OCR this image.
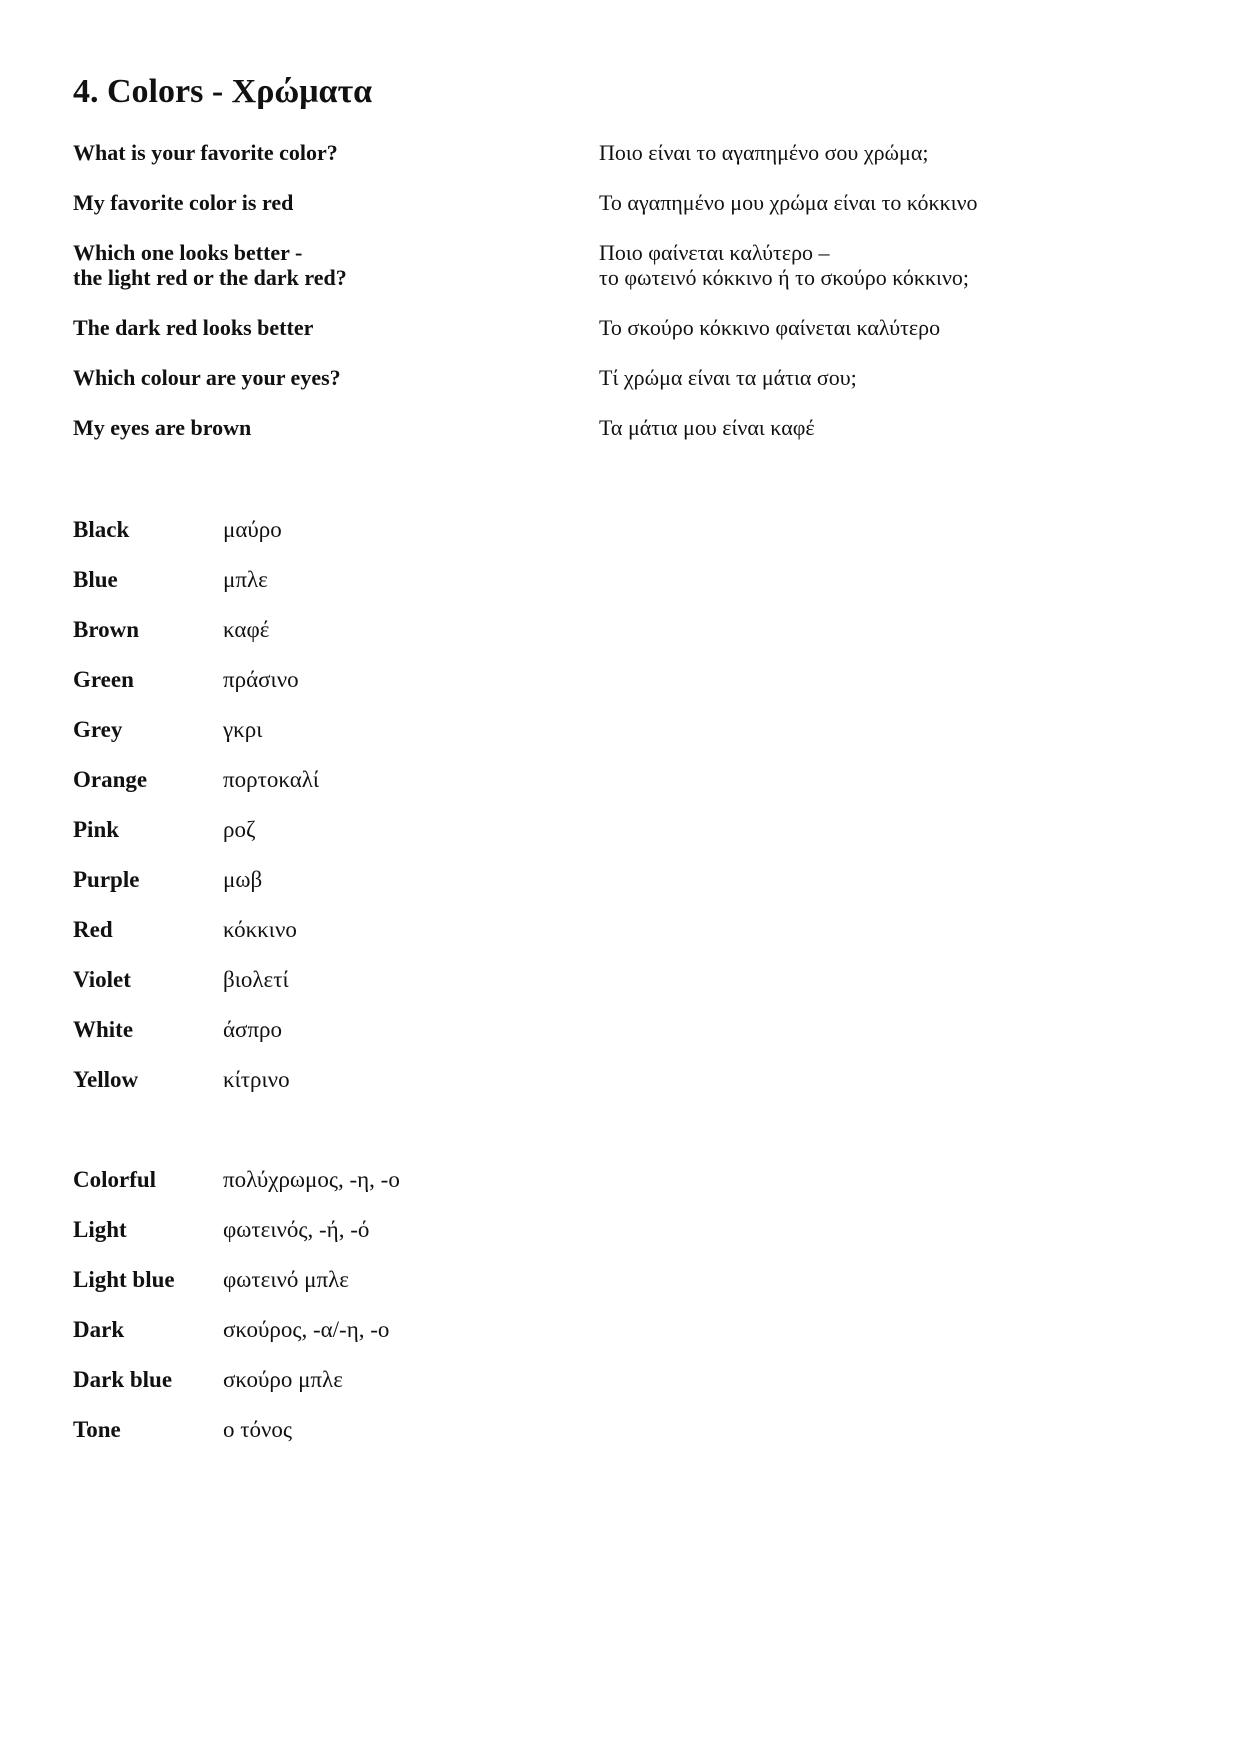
4. Colors - Χρώματα
What is your favorite color?	Ποιο είναι το αγαπημένο σου χρώμα;
My favorite color is red	Το αγαπημένο μου χρώμα είναι το κόκκινο
Which one looks better -
the light red or the dark red?
Ποιο φαίνεται καλύτερο –
το φωτεινό κόκκινο ή το σκούρο κόκκινο;
The dark red looks better	Το σκούρο κόκκινο φαίνεται καλύτερο
Which colour are your eyes?	Τί χρώμα είναι τα μάτια σου;
My eyes are brown	Τα μάτια μου είναι καφέ
Black	μαύρο
Blue	μπλε
Brown	καφέ
Green	πράσινο
Grey	γκρι
Orange	πορτοκαλί
Pink	ροζ
Purple	μωβ
Red	κόκκινο
Violet	βιολετί
White	άσπρο
Yellow	κίτρινο
Colorful	πολύχρωμος, -η, -ο
Light	φωτεινός, -ή, -ό
Light blue φωτεινό μπλε
Dark	σκούρος, -α/-η, -ο
Dark blue σκούρο μπλε
Tone	ο τόνος
